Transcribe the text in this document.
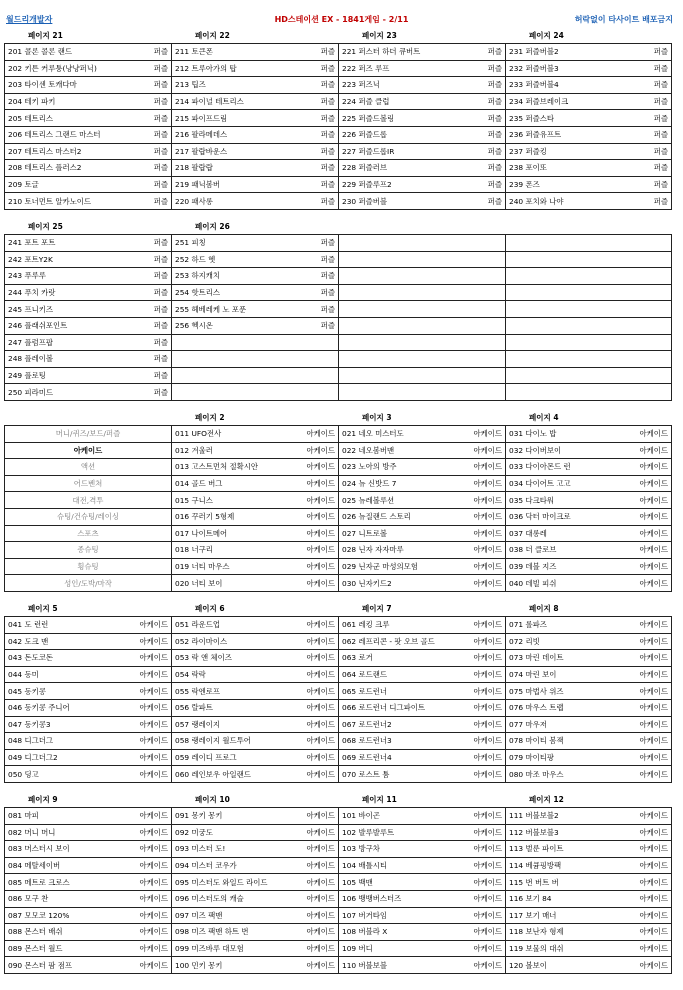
월드리개발자	HD스테이션 EX - 1841게임 - 2/11	허락없이 타사이트 배포금지
페이지 21	페이지 22	페이지 23	페이지 24
201 콜론 콜론 랜드 퍼즐	211 토큰폰 퍼즐	221 퍼스터 하더 큐버트 퍼즐	231 퍼즐버블2 퍼즐

202 키튼 커루퉁(냥냥퍼닉) 퍼즐	212 트루아가의 탑 퍼즐	222 퍼즈 루프 퍼즐	232 퍼즐버블3 퍼즐

203 타이센 토캐다마 퍼즐	213 팁즈 퍼즐	223 퍼즈닉 퍼즐	233 퍼즐버블4 퍼즐

204 테키 파키 퍼즐	214 파이널 테트리스 퍼즐	224 퍼즐 클럽 퍼즐	234 퍼즐브레이크 퍼즐

205 테트리스 퍼즐	215 파이프드림 퍼즐	225 퍼즐드볼링 퍼즐	235 퍼즐스타 퍼즐

206 테트리스 그랜드 마스터 퍼즐	216 팔라메데스 퍼즐	226 퍼즐드롭 퍼즐	236 퍼즐유프트 퍼즐

207 테트리스 마스터2 퍼즐	217 팔랍바운스 퍼즐	227 퍼즐드롭IR 퍼즐	237 퍼즐킹 퍼즐

208 테트리스 플러스2 퍼즐	218 팔랍랍 퍼즐	228 퍼즐러브 퍼즐	238 포이또 퍼즐

209 토글 퍼즐	219 패닉봄버 퍼즐	229 퍼즐루프2 퍼즐	239 폰즈 퍼즐

210 토너먼트 알카노이드 퍼즐	220 패사롱 퍼즐	230 퍼즐버블 퍼즐	240 포치와 나야 퍼즐
페이지 25	페이지 26
241 포트 포트 퍼즐	251 피칭 퍼즐		

242 포트Y2K 퍼즐	252 하드 헷 퍼즐		

243 푸루루 퍼즐	253 하지캐치 퍼즐		

244 푸치 카랏 퍼즐	254 핫트리스 퍼즐		

245 프니키즈 퍼즐	255 헤베레케 노 포푼 퍼즐		

246 플래쉬포인트 퍼즐	256 헥시온 퍼즐		

247 플럼프팝 퍼즐			

248 플레이볼 퍼즐			

249 플로팅 퍼즐			

250 피라미드 퍼즐			

페이지 2	페이지 3	페이지 4
머니/퀴즈/보드/퍼즐	011 UFO전사 아케이드	021 네오 미스터도 아케이드	031 다이노 밥 아케이드

아케이드	012 겨울러 아케이드	022 네오봄버맨 아케이드	032 다이버보이 아케이드

액션	013 고스트먼처 절확시안 아케이드	023 노아의 방주 아케이드	033 다이아몬드 런 아케이드

어드벤쳐	014 골드 버그 아케이드	024 뉴 신밧드 7 아케이드	034 다이어트 고고 아케이드

대전,격투	015 구니스 아케이드	025 뉴레볼루션 아케이드	035 다크타워 아케이드

슈팅/건슈팅/레이싱	016 꾸러기 5형제 아케이드	026 뉴질랜드 스토리 아케이드	036 닥터 마이크로 아케이드

스포츠	017 나이트메어 아케이드	027 니트로볼 아케이드	037 대롱레 아케이드

종슈팅	018 너구리 아케이드	028 닌자 자자마루 아케이드	038 더 클로브 아케이드

횡슈팅	019 너티 마우스 아케이드	029 닌자군 마성의모험 아케이드	039 데블 지즈 아케이드

성인/도박/마작	020 너티 보이 아케이드	030 닌자키드2 아케이드	040 데빌 피쉬 아케이드
페이지 5	페이지 6	페이지 7	페이지 8
041 도 런런 아케이드	051 라운드업 아케이드	061 레킹 크루 아케이드	071 롤파즈 아케이드

042 도크 맨 아케이드	052 라이마이스 아케이드	062 레프리콘 - 팟 오브 골드 아케이드	072 리빗 아케이드

043 돈도코돈 아케이드	053 락 앤 체이즈 아케이드	063 로거 아케이드	073 마린 데이트 아케이드

044 동미 아케이드	054 락락 아케이드	064 로드랜드 아케이드	074 마린 보이 아케이드

045 동키콩 아케이드	055 락엔로프 아케이드	065 로드런너 아케이드	075 마법사 위즈 아케이드

046 동키콩 주니어 아케이드	056 랄파트 아케이드	066 로드런너 디그파이트 아케이드	076 마우스 트랩 아케이드

047 동키콩3 아케이드	057 랭레이지 아케이드	067 로드런너2 아케이드	077 마우저 아케이드

048 디그더그 아케이드	058 랭레이지 월드투어 아케이드	068 로드런너3 아케이드	078 마이티 봄잭 아케이드

049 디그더그2 아케이드	059 레이디 프로그 아케이드	069 로드런너4 아케이드	079 마이티팡 아케이드

050 딩고 아케이드	060 레인보우 아일랜드 아케이드	070 로스트 툼 아케이드	080 마조 마우스 아케이드
페이지 9	페이지 10	페이지 11	페이지 12
081 마피 아케이드	091 몽키 몽키 아케이드	101 바이곤 아케이드	111 버블보블2 아케이드

082 머니 머니 아케이드	092 미궁도 아케이드	102 발루발루트 아케이드	112 버블보블3 아케이드

083 머스터시 보이 아케이드	093 미스터 도! 아케이드	103 방구차 아케이드	113 벌룬 파이트 아케이드

084 메탈세이버 아케이드	094 미스터 코우가 아케이드	104 배틀시티 아케이드	114 베큠핑방팩 아케이드

085 메트로 크로스 아케이드	095 미스터도 와일드 라이드 아케이드	105 백맨 아케이드	115 번 버트 버 아케이드

086 모구 찬 아케이드	096 미스터도의 캐슬 아케이드	106 뱅뱅버스터즈 아케이드	116 보기 84 아케이드

087 모모코 120% 아케이드	097 미즈 팩맨 아케이드	107 버거타임 아케이드	117 보기 매너 아케이드

088 몬스터 배쉬 아케이드	098 미즈 팩맨 하트 번 아케이드	108 버블라 X 아케이드	118 보난자 형제 아케이드

089 몬스터 월드 아케이드	099 미즈바루 대모험 아케이드	109 버디 아케이드	119 보물의 대쉬 아케이드

090 몬스터 팜 점프 아케이드	100 민키 몽키 아케이드	110 버블보블 아케이드	120 볼보이 아케이드
